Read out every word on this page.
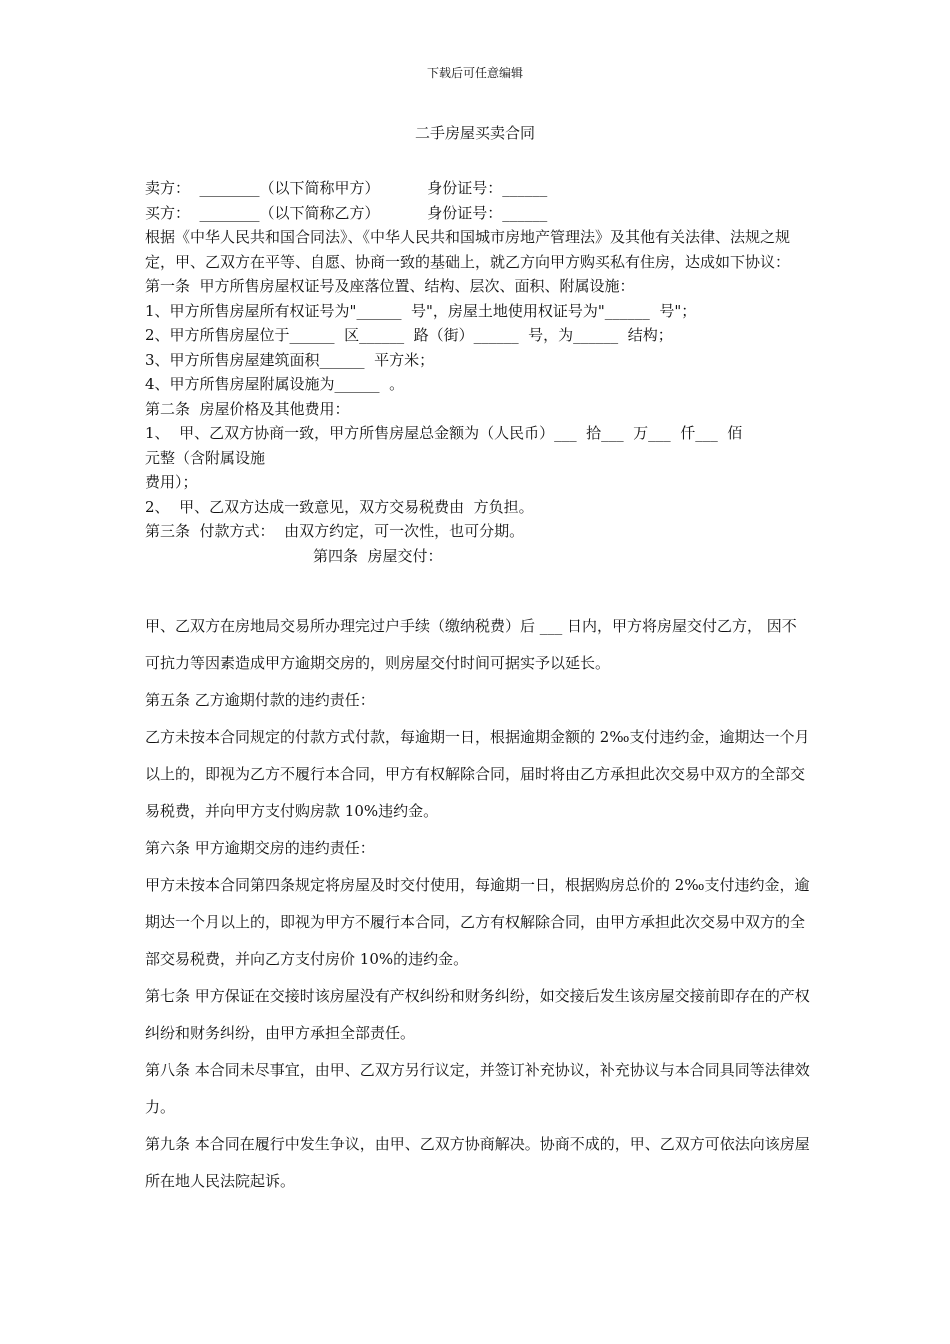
下载后可任意编辑
二手房屋买卖合同
卖方：  ________（以下简称甲方）          身份证号：______
买方：  ________（以下简称乙方）          身份证号：______
根据《中华人民共和国合同法》、《中华人民共和国城市房地产管理法》及其他有关法律、法规之规定，甲、乙双方在平等、自愿、协商一致的基础上，就乙方向甲方购买私有住房，达成如下协议：
第一条  甲方所售房屋权证号及座落位置、结构、层次、面积、附属设施：
1、甲方所售房屋所有权证号为"______  号"，房屋土地使用权证号为"______  号"；
2、甲方所售房屋位于______  区______  路（街）______  号，为______  结构；
3、甲方所售房屋建筑面积______  平方米；
4、甲方所售房屋附属设施为______  。
第二条  房屋价格及其他费用：
1、  甲、乙双方协商一致，甲方所售房屋总金额为（人民币）___  拾___  万___  仟___  佰
元整（含附属设施
费用）；
2、  甲、乙双方达成一致意见，双方交易税费由  方负担。
第三条  付款方式：  由双方约定，可一次性，也可分期。
第四条  房屋交付：
甲、乙双方在房地局交易所办理完过户手续（缴纳税费）后 ___ 日内，甲方将房屋交付乙方， 因不可抗力等因素造成甲方逾期交房的，则房屋交付时间可据实予以延长。
第五条 乙方逾期付款的违约责任：
乙方未按本合同规定的付款方式付款，每逾期一日，根据逾期金额的 2‰支付违约金，逾期达一个月以上的，即视为乙方不履行本合同，甲方有权解除合同，届时将由乙方承担此次交易中双方的全部交易税费，并向甲方支付购房款 10%违约金。
第六条 甲方逾期交房的违约责任：
甲方未按本合同第四条规定将房屋及时交付使用，每逾期一日，根据购房总价的 2‰支付违约金，逾期达一个月以上的，即视为甲方不履行本合同，乙方有权解除合同，由甲方承担此次交易中双方的全部交易税费，并向乙方支付房价 10%的违约金。
第七条 甲方保证在交接时该房屋没有产权纠纷和财务纠纷，如交接后发生该房屋交接前即存在的产权纠纷和财务纠纷，由甲方承担全部责任。
第八条 本合同未尽事宜，由甲、乙双方另行议定，并签订补充协议，补充协议与本合同具同等法律效力。
第九条 本合同在履行中发生争议，由甲、乙双方协商解决。协商不成的，甲、乙双方可依法向该房屋所在地人民法院起诉。
